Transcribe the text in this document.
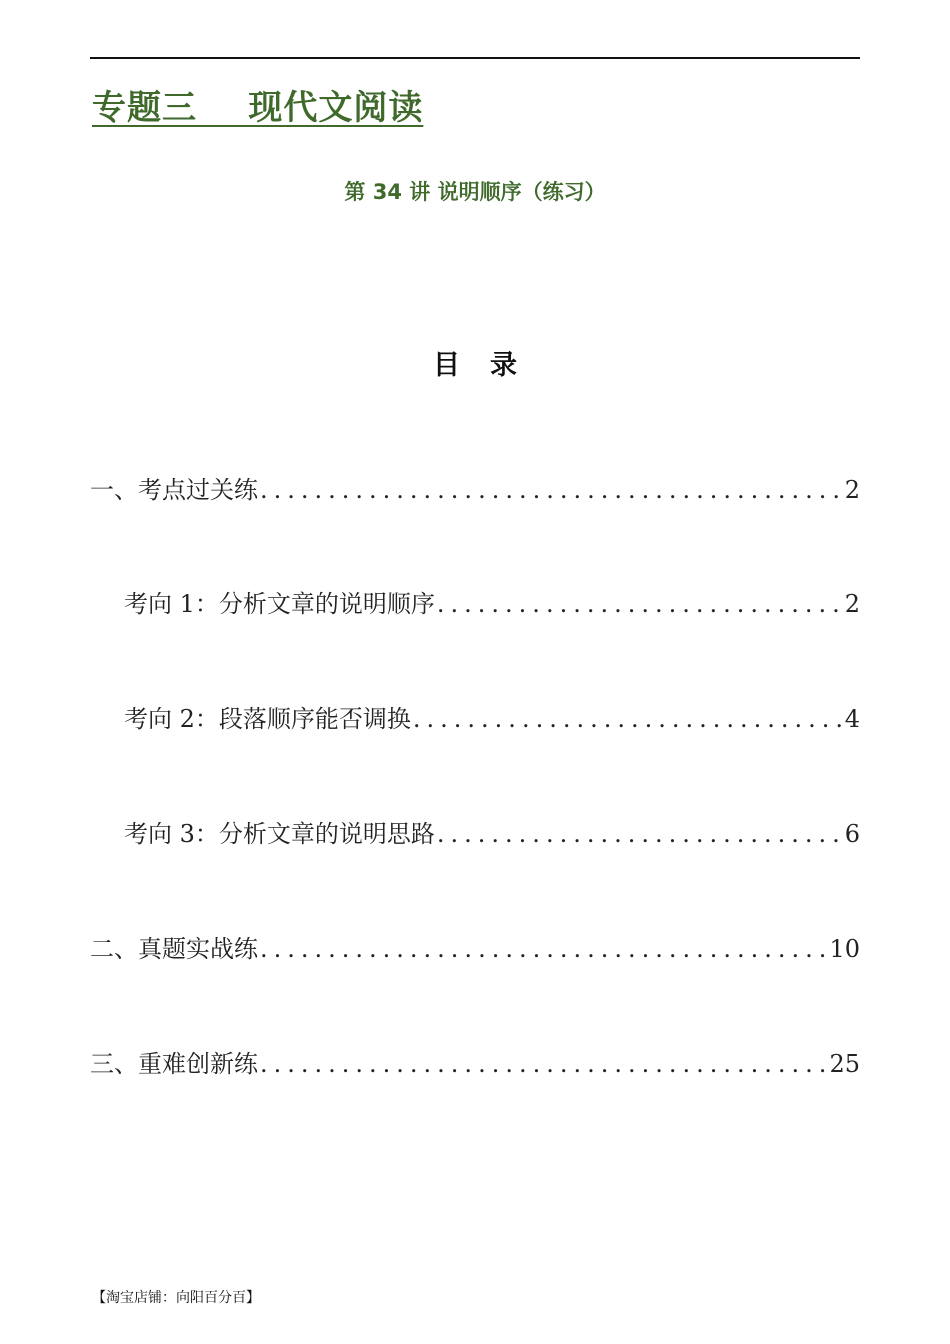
专题三    现代文阅读
第 34 讲 说明顺序（练习）
目录
一、考点过关练 .....	2
考向 1：分析文章的说明顺序 .....	2
考向 2：段落顺序能否调换 .....	4
考向 3：分析文章的说明思路 .....	6
二、真题实战练 .....	10
三、重难创新练 .....	25
【淘宝店铺：向阳百分百】
